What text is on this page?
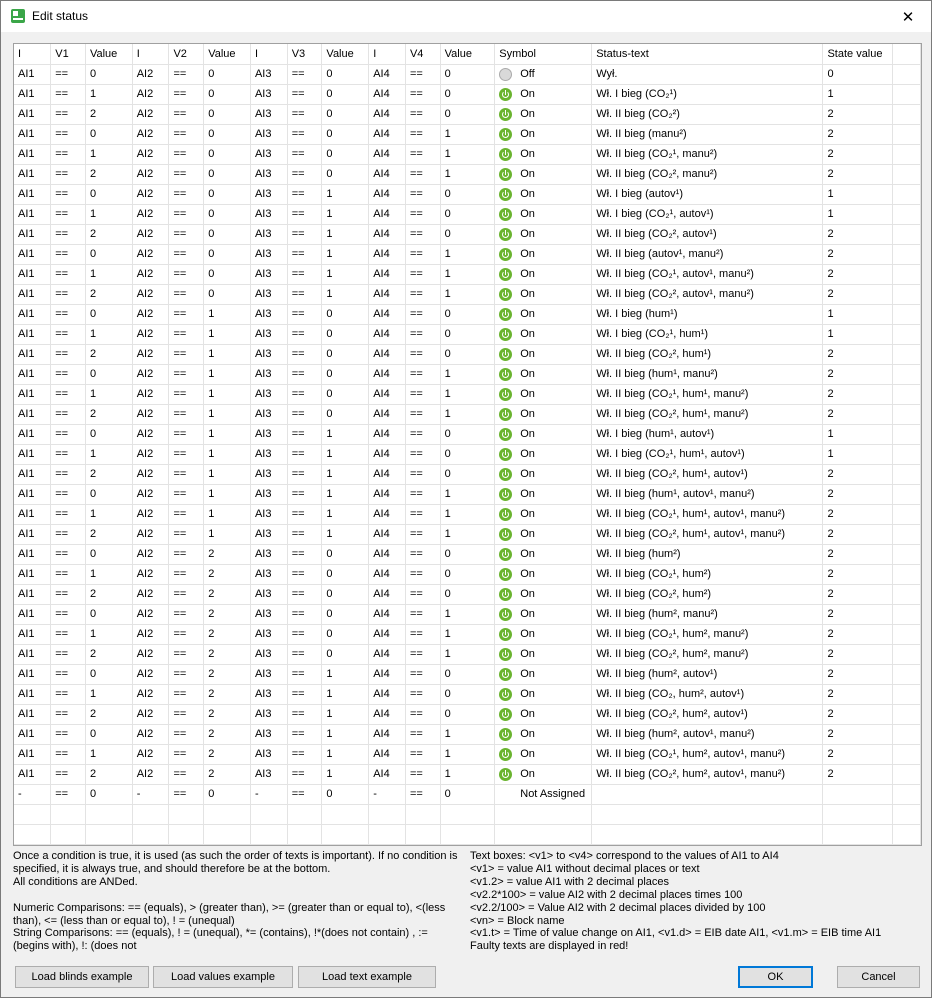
Edit status	✕
I	V1	Value	I	V2	Value	I	V3	Value	I	V4	Value	Symbol	Status-text	State value	
AI1	==	0	AI2	==	0	AI3	==	0	AI4	==	0	Off	Wył.	0	
AI1	==	1	AI2	==	0	AI3	==	0	AI4	==	0	On	Wł. I bieg (CO₂¹)	1	
AI1	==	2	AI2	==	0	AI3	==	0	AI4	==	0	On	Wł. II bieg (CO₂²)	2	
AI1	==	0	AI2	==	0	AI3	==	0	AI4	==	1	On	Wł. II bieg (manu²)	2	
AI1	==	1	AI2	==	0	AI3	==	0	AI4	==	1	On	Wł. II bieg (CO₂¹, manu²)	2	
AI1	==	2	AI2	==	0	AI3	==	0	AI4	==	1	On	Wł. II bieg (CO₂², manu²)	2	
AI1	==	0	AI2	==	0	AI3	==	1	AI4	==	0	On	Wł. I bieg (autov¹)	1	
AI1	==	1	AI2	==	0	AI3	==	1	AI4	==	0	On	Wł. I bieg (CO₂¹, autov¹)	1	
AI1	==	2	AI2	==	0	AI3	==	1	AI4	==	0	On	Wł. II bieg (CO₂², autov¹)	2	
AI1	==	0	AI2	==	0	AI3	==	1	AI4	==	1	On	Wł. II bieg (autov¹, manu²)	2	
AI1	==	1	AI2	==	0	AI3	==	1	AI4	==	1	On	Wł. II bieg (CO₂¹, autov¹, manu²)	2	
AI1	==	2	AI2	==	0	AI3	==	1	AI4	==	1	On	Wł. II bieg (CO₂², autov¹, manu²)	2	
AI1	==	0	AI2	==	1	AI3	==	0	AI4	==	0	On	Wł. I bieg (hum¹)	1	
AI1	==	1	AI2	==	1	AI3	==	0	AI4	==	0	On	Wł. I bieg (CO₂¹, hum¹)	1	
AI1	==	2	AI2	==	1	AI3	==	0	AI4	==	0	On	Wł. II bieg (CO₂², hum¹)	2	
AI1	==	0	AI2	==	1	AI3	==	0	AI4	==	1	On	Wł. II bieg (hum¹, manu²)	2	
AI1	==	1	AI2	==	1	AI3	==	0	AI4	==	1	On	Wł. II bieg (CO₂¹, hum¹, manu²)	2	
AI1	==	2	AI2	==	1	AI3	==	0	AI4	==	1	On	Wł. II bieg (CO₂², hum¹, manu²)	2	
AI1	==	0	AI2	==	1	AI3	==	1	AI4	==	0	On	Wł. I bieg (hum¹, autov¹)	1	
AI1	==	1	AI2	==	1	AI3	==	1	AI4	==	0	On	Wł. I bieg (CO₂¹, hum¹, autov¹)	1	
AI1	==	2	AI2	==	1	AI3	==	1	AI4	==	0	On	Wł. II bieg (CO₂², hum¹, autov¹)	2	
AI1	==	0	AI2	==	1	AI3	==	1	AI4	==	1	On	Wł. II bieg (hum¹, autov¹, manu²)	2	
AI1	==	1	AI2	==	1	AI3	==	1	AI4	==	1	On	Wł. II bieg (CO₂¹, hum¹, autov¹, manu²)	2	
AI1	==	2	AI2	==	1	AI3	==	1	AI4	==	1	On	Wł. II bieg (CO₂², hum¹, autov¹, manu²)	2	
AI1	==	0	AI2	==	2	AI3	==	0	AI4	==	0	On	Wł. II bieg (hum²)	2	
AI1	==	1	AI2	==	2	AI3	==	0	AI4	==	0	On	Wł. II bieg (CO₂¹, hum²)	2	
AI1	==	2	AI2	==	2	AI3	==	0	AI4	==	0	On	Wł. II bieg (CO₂², hum²)	2	
AI1	==	0	AI2	==	2	AI3	==	0	AI4	==	1	On	Wł. II bieg (hum², manu²)	2	
AI1	==	1	AI2	==	2	AI3	==	0	AI4	==	1	On	Wł. II bieg (CO₂¹, hum², manu²)	2	
AI1	==	2	AI2	==	2	AI3	==	0	AI4	==	1	On	Wł. II bieg (CO₂², hum², manu²)	2	
AI1	==	0	AI2	==	2	AI3	==	1	AI4	==	0	On	Wł. II bieg (hum², autov¹)	2	
AI1	==	1	AI2	==	2	AI3	==	1	AI4	==	0	On	Wł. II bieg (CO₂, hum², autov¹)	2	
AI1	==	2	AI2	==	2	AI3	==	1	AI4	==	0	On	Wł. II bieg (CO₂², hum², autov¹)	2	
AI1	==	0	AI2	==	2	AI3	==	1	AI4	==	1	On	Wł. II bieg (hum², autov¹, manu²)	2	
AI1	==	1	AI2	==	2	AI3	==	1	AI4	==	1	On	Wł. II bieg (CO₂¹, hum², autov¹, manu²)	2	
AI1	==	2	AI2	==	2	AI3	==	1	AI4	==	1	On	Wł. II bieg (CO₂², hum², autov¹, manu²)	2	
-	==	0	-	==	0	-	==	0	-	==	0	Not Assigned			

Once a condition is true, it is used (as such the order of texts is important). If no condition is
specified, it is always true, and should therefore be at the bottom.
All conditions are ANDed.

Numeric Comparisons: == (equals), > (greater than), >= (greater than or equal to), <(less
than), <= (less than or equal to), ! = (unequal)
String Comparisons: == (equals), ! = (unequal), *= (contains), !*(does not contain) , :=
(begins with), !: (does not
Text boxes: <v1> to <v4> correspond to the values of AI1 to AI4
<v1> = value AI1 without decimal places or text
<v1.2> = value AI1 with 2 decimal places
<v2.2*100> = value AI2 with 2 decimal places times 100
<v2.2/100> = Value AI2 with 2 decimal places divided by 100
<vn> = Block name
<v1.t> = Time of value change on AI1, <v1.d> = EIB date AI1, <v1.m> = EIB time AI1
Faulty texts are displayed in red!
Load blinds example	Load values example	Load text example	OK	Cancel
